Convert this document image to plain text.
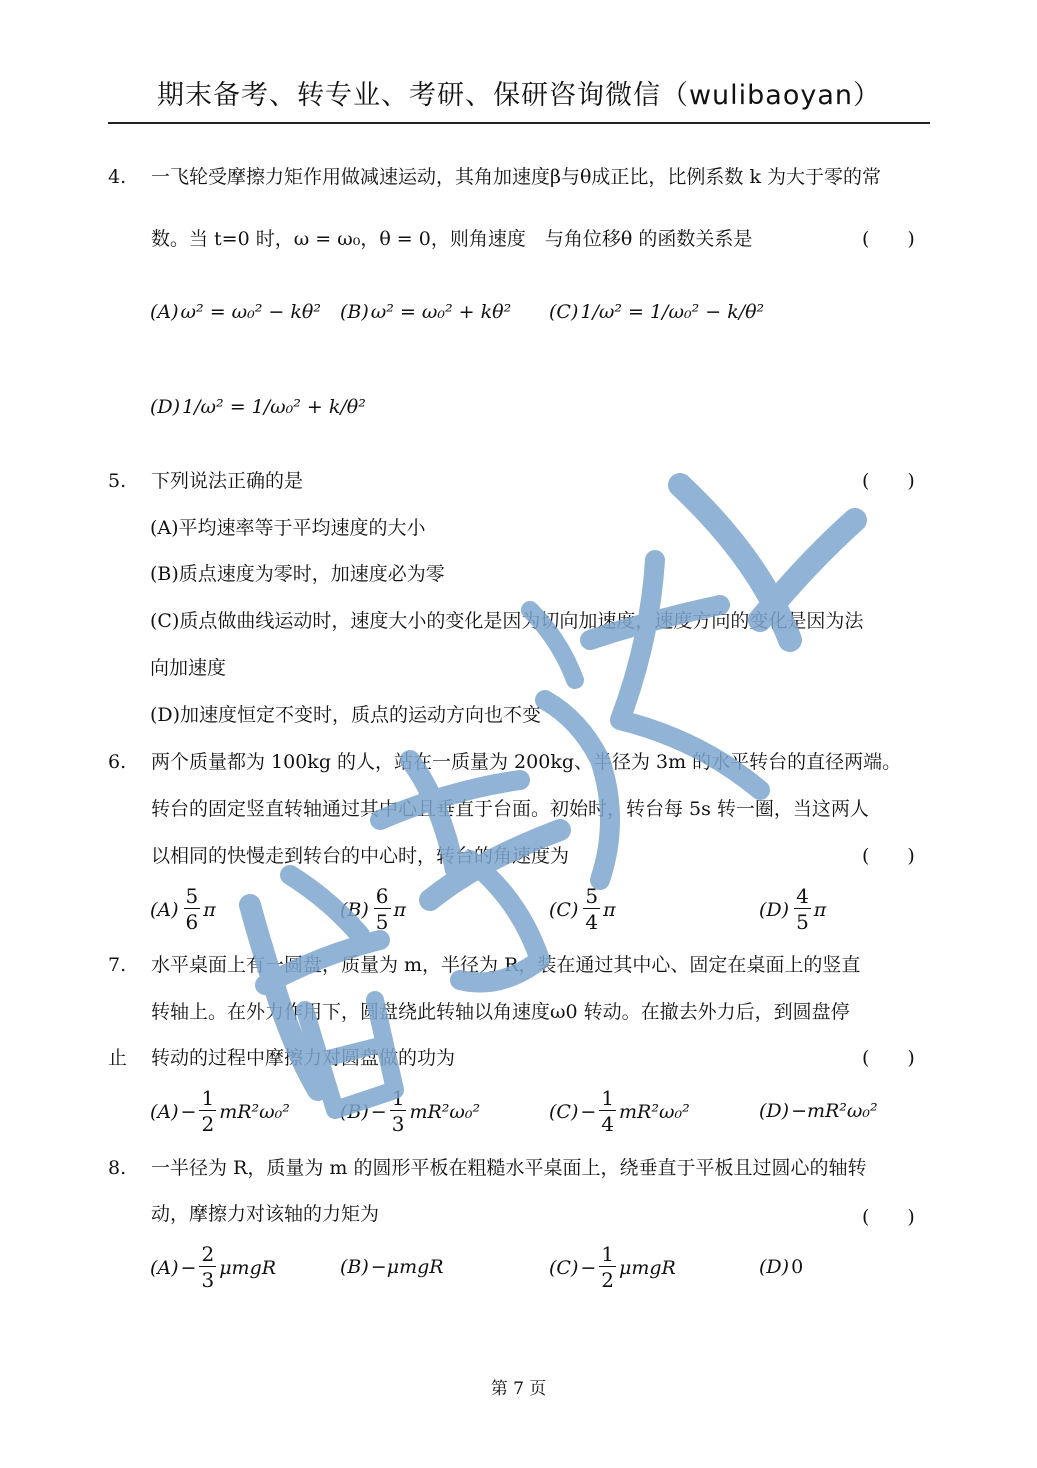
期末备考、转专业、考研、保研咨询微信（wulibaoyan）
4. 一飞轮受摩擦力矩作用做减速运动，其角加速度β与θ成正比，比例系数 k 为大于零的常
数。当 t=0 时，ω = ω₀，θ = 0，则角速度　与角位移θ 的函数关系是	(　　)
(A) ω² = ω₀² − kθ² (B) ω² = ω₀² + kθ² (C) 1/ω² = 1/ω₀² − k/θ²
(D) 1/ω² = 1/ω₀² + k/θ²
5. 下列说法正确的是	(　　)
(A)平均速率等于平均速度的大小
(B)质点速度为零时，加速度必为零
(C)质点做曲线运动时，速度大小的变化是因为切向加速度，速度方向的变化是因为法
向加速度
(D)加速度恒定不变时，质点的运动方向也不变
6. 两个质量都为 100kg 的人，站在一质量为 200kg、半径为 3m 的水平转台的直径两端。
转台的固定竖直转轴通过其中心且垂直于台面。初始时，转台每 5s 转一圈，当这两人
以相同的快慢走到转台的中心时，转台的角速度为	(　　)
$(A) \frac{5}{6}$ π	$(B) \frac{6}{5}$ π	$(C) \frac{5}{4}$ π	$(D) \frac{4}{5}$ π
7. 水平桌面上有一圆盘，质量为 m，半径为 R，装在通过其中心、固定在桌面上的竖直
转轴上。在外力作用下，圆盘绕此转轴以角速度ω0 转动。在撤去外力后，到圆盘停
止 转动的过程中摩擦力对圆盘做的功为	(　　)
$(A) - \frac{1}{2} mR^2\omega_0^2$	$(B) - \frac{1}{3} mR^2\omega_0^2$	$(C) - \frac{1}{4} mR^2\omega_0^2$	(D) −mR²ω₀²
8. 一半径为 R，质量为 m 的圆形平板在粗糙水平桌面上，绕垂直于平板且过圆心的轴转
动，摩擦力对该轴的力矩为	(　　)
$(A) - \frac{2}{3}$ μmgR	(B) −μmgR	$(C) - \frac{1}{2}$ μmgR	(D) 0
第 7 页
